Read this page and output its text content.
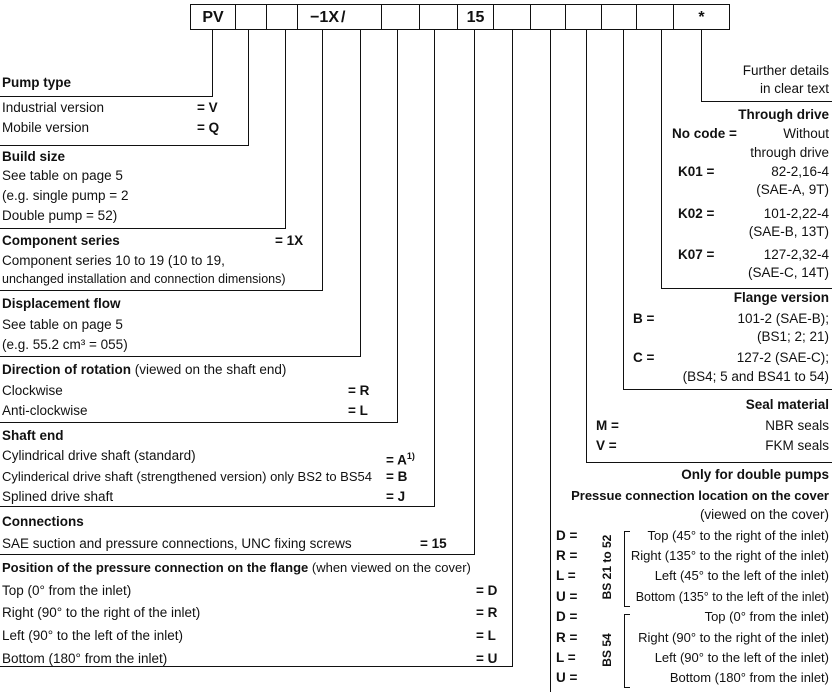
PV	−1X /	15	*
Pump type
Industrial version	= V
Mobile version	= Q
Build size
See table on page 5
(e.g. single pump = 2
Double pump = 52)
Component series	= 1X
Component series 10 to 19 (10 to 19,
unchanged installation and connection dimensions)
Displacement flow
See table on page 5
(e.g. 55.2 cm³ = 055)
Direction of rotation (viewed on the shaft end)
Clockwise	= R
Anti-clockwise	= L
Shaft end
Cylindrical drive shaft (standard)	= $A^{1)}$
Cylinderical drive shaft (strengthened version) only BS2 to BS54 = B
Splined drive shaft	= J
Connections
SAE suction and pressure connections, UNC fixing screws	= 15
Position of the pressure connection on the flange (when viewed on the cover)
Top (0° from the inlet)	= D
Right (90° to the right of the inlet)	= R
Left (90° to the left of the inlet)	= L
Bottom (180° from the inlet)	= U
Further details
in clear text
Through drive
No code =	Without
through drive
K01 =	82-2,16-4
(SAE-A, 9T)
K02 =	101-2,22-4
(SAE-B, 13T)
K07 =	127-2,32-4
(SAE-C, 14T)
Flange version
B =	101-2 (SAE-B);
(BS1; 2; 21)
C =	127-2 (SAE-C);
(BS4; 5 and BS41 to 54)
Seal material
M =	NBR seals
V =	FKM seals
Only for double pumps
Pressue connection location on the cover
(viewed on the cover)
BS 21 to 52
BS 54
D =	Top (45° to the right of the inlet)
R =	Right (135° to the right of the inlet)
L =	Left (45° to the left of the inlet)
U =	Bottom (135° to the left of the inlet)
D =	Top (0° from the inlet)
R =	Right (90° to the right of the inlet)
L =	Left (90° to the left of the inlet)
U =	Bottom (180° from the inlet)
